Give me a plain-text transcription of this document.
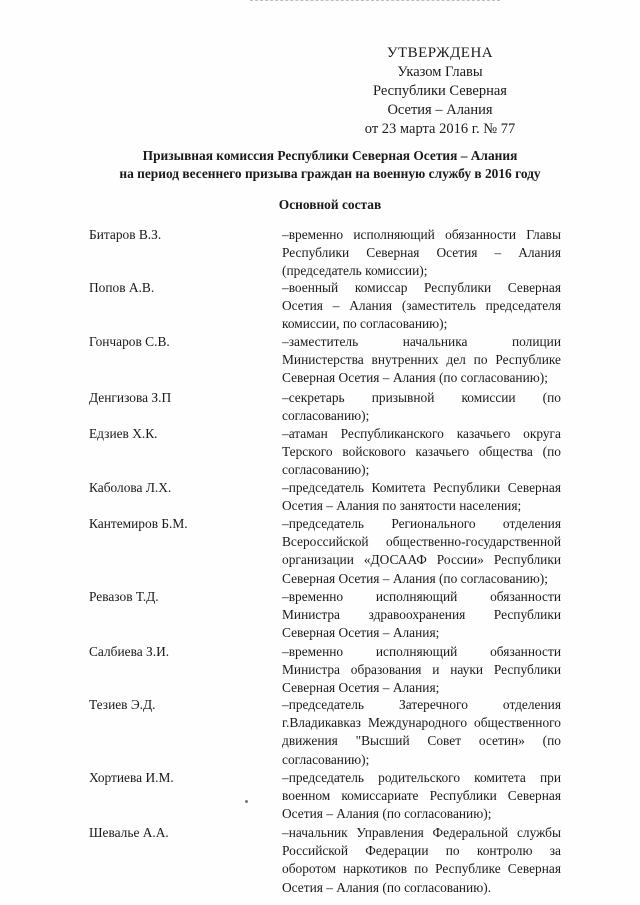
УТВЕРЖДЕНА
Указом Главы
Республики Северная
Осетия – Алания
от 23 марта 2016 г. № 77
Призывная комиссия Республики Северная Осетия – Алания
на период весеннего призыва граждан на военную службу в 2016 году
Основной состав
Битаров В.З.	–временно исполняющий обязанности Главы Республики Северная Осетия – Алания (председатель комиссии);
Попов А.В.	–военный комиссар Республики Северная Осетия – Алания (заместитель председателя комиссии, по согласованию);
Гончаров С.В.	–заместитель начальника полиции Министерства внутренних дел по Республике Северная Осетия – Алания (по согласованию);
Денгизова З.П	–секретарь призывной комиссии (по согласованию);
Едзиев Х.К.	–атаман Республиканского казачьего округа Терского войскового казачьего общества (по согласованию);
Каболова Л.Х.	–председатель Комитета Республики Северная Осетия – Алания по занятости населения;
Кантемиров Б.М.	–председатель Регионального отделения Всероссийской общественно-государственной организации «ДОСААФ России» Республики Северная Осетия – Алания (по согласованию);
Ревазов Т.Д.	–временно исполняющий обязанности Министра здравоохранения Республики Северная Осетия – Алания;
Салбиева З.И.	–временно исполняющий обязанности Министра образования и науки Республики Северная Осетия – Алания;
Тезиев Э.Д.	–председатель Затеречного отделения г.Владикавказ Международного общественного движения "Высший Совет осетин» (по согласованию);
Хортиева И.М.	–председатель родительского комитета при военном комиссариате Республики Северная Осетия – Алания (по согласованию);
Шевалье А.А.	–начальник Управления Федеральной службы Российской Федерации по контролю за оборотом наркотиков по Республике Северная Осетия – Алания (по согласованию).
